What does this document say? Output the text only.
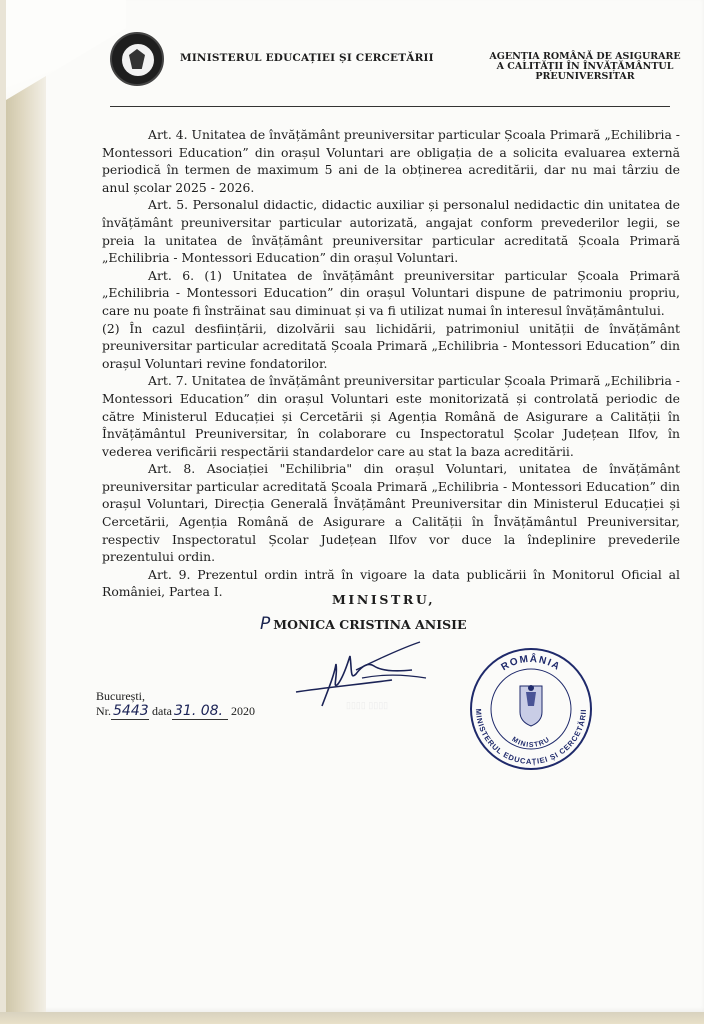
▯▯▯▯ ▯▯▯▯
MINISTERUL EDUCAȚIEI ȘI CERCETĂRII	AGENȚIA ROMÂNĂ DE ASIGURARE
A CALITĂȚII ÎN ÎNVĂȚĂMÂNTUL
PREUNIVERSITAR

Art. 4. Unitatea de învățământ preuniversitar particular Școala Primară „Echilibria - Montessori Education” din orașul Voluntari are obligația de a solicita evaluarea externă periodică în termen de maximum 5 ani de la obținerea acreditării, dar nu mai târziu de anul școlar 2025 - 2026.

Art. 5. Personalul didactic, didactic auxiliar și personalul nedidactic din unitatea de învățământ preuniversitar particular autorizată, angajat conform prevederilor legii, se preia la unitatea de învățământ preuniversitar particular acreditată Școala Primară „Echilibria - Montessori Education” din orașul Voluntari.

Art. 6. (1) Unitatea de învățământ preuniversitar particular Școala Primară „Echilibria - Montessori Education” din orașul Voluntari dispune de patrimoniu propriu, care nu poate fi înstrăinat sau diminuat și va fi utilizat numai în interesul învățământului.

(2) În cazul desființării, dizolvării sau lichidării, patrimoniul unității de învățământ preuniversitar particular acreditată Școala Primară „Echilibria - Montessori Education” din orașul Voluntari revine fondatorilor.

Art. 7. Unitatea de învățământ preuniversitar particular Școala Primară „Echilibria - Montessori Education” din orașul Voluntari este monitorizată și controlată periodic de către Ministerul Educației și Cercetării și Agenția Română de Asigurare a Calității în Învățământul Preuniversitar, în colaborare cu Inspectoratul Școlar Județean Ilfov, în vederea verificării respectării standardelor care au stat la baza acreditării.

Art. 8. Asociației "Echilibria" din orașul Voluntari, unitatea de învățământ preuniversitar particular acreditată Școala Primară „Echilibria - Montessori Education” din orașul Voluntari, Direcția Generală Învățământ Preuniversitar din Ministerul Educației și Cercetării, Agenția Română de Asigurare a Calității în Învățământul Preuniversitar, respectiv Inspectoratul Școlar Județean Ilfov vor duce la îndeplinire prevederile prezentului ordin.

Art. 9. Prezentul ordin intră în vigoare la data publicării în Monitorul Oficial al României, Partea I.

MINISTRU,
P MONICA CRISTINA ANISIE
București,
Nr. 5443 data 31. 08. 2020
ROMÂNIA
MINISTERUL EDUCAȚIEI ȘI CERCETĂRII
MINISTRU
